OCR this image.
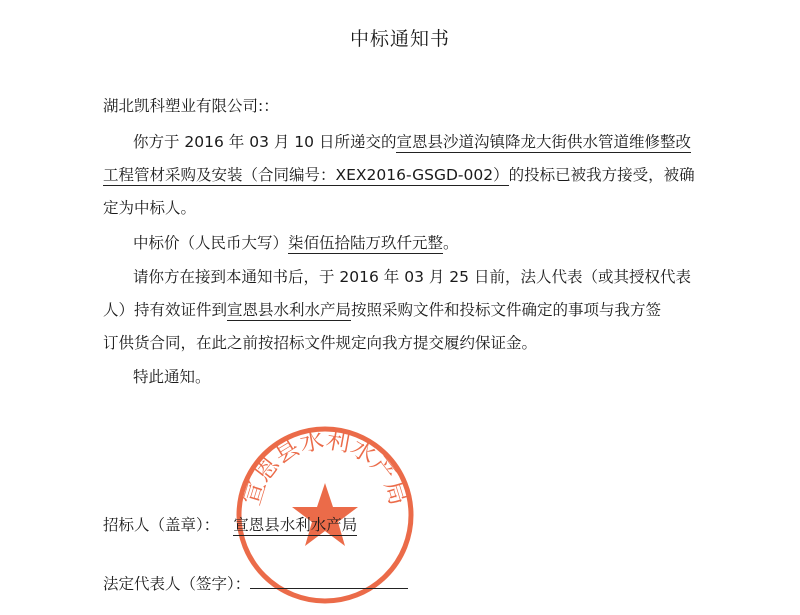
中标通知书
湖北凯科塑业有限公司:：
你方于 2016 年 03 月 10 日所递交的宣恩县沙道沟镇降龙大街供水管道维修整改
工程管材采购及安装（合同编号：XEX2016-GSGD-002）的投标已被我方接受，被确
定为中标人。
中标价（人民币大写）柒佰伍拾陆万玖仟元整。
请你方在接到本通知书后，于 2016 年 03 月 25 日前，法人代表（或其授权代表
人）持有效证件到宣恩县水利水产局按照采购文件和投标文件确定的事项与我方签
订供货合同，在此之前按招标文件规定向我方提交履约保证金。
特此通知。
宣恩县水利水产局
招标人（盖章）： 宣恩县水利水产局
法定代表人（签字）：
